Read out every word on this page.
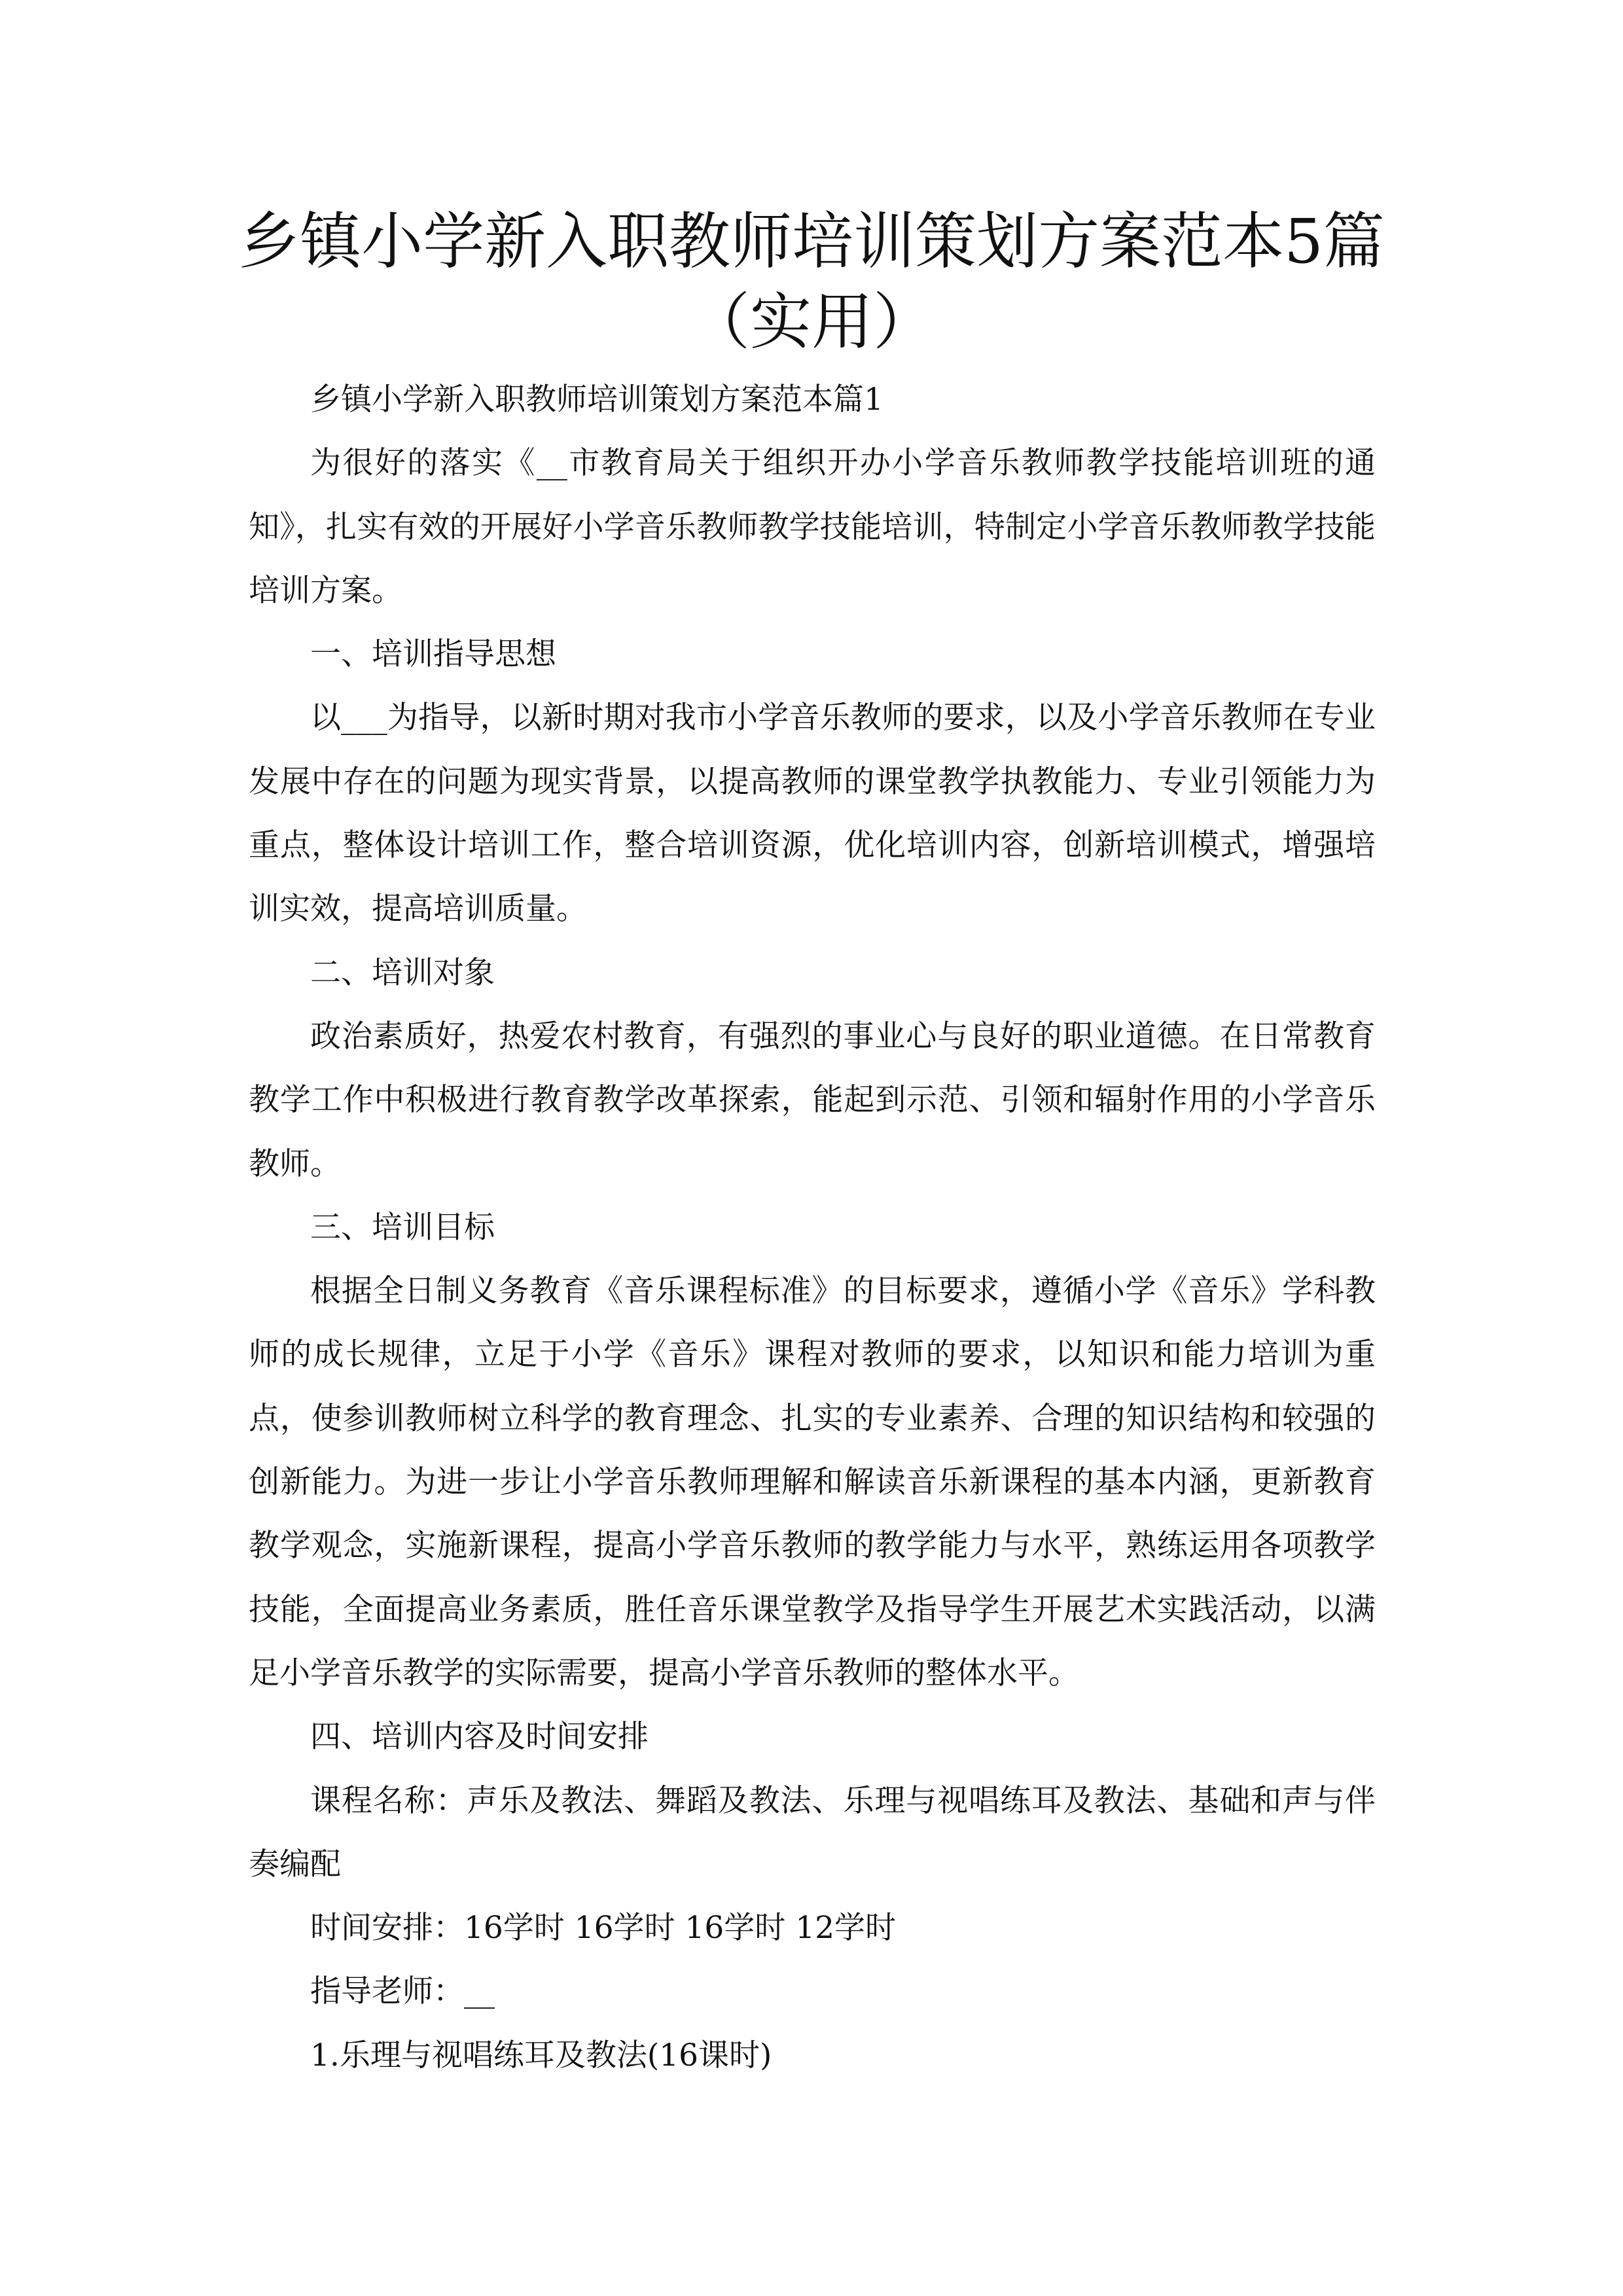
乡镇小学新入职教师培训策划方案范本5篇（实用）

乡镇小学新入职教师培训策划方案范本篇1

为很好的落实《__市教育局关于组织开办小学音乐教师教学技能培训班的通知》，扎实有效的开展好小学音乐教师教学技能培训，特制定小学音乐教师教学技能培训方案。

一、培训指导思想

以___为指导，以新时期对我市小学音乐教师的要求，以及小学音乐教师在专业发展中存在的问题为现实背景，以提高教师的课堂教学执教能力、专业引领能力为重点，整体设计培训工作，整合培训资源，优化培训内容，创新培训模式，增强培训实效，提高培训质量。

二、培训对象

政治素质好，热爱农村教育，有强烈的事业心与良好的职业道德。在日常教育教学工作中积极进行教育教学改革探索，能起到示范、引领和辐射作用的小学音乐教师。

三、培训目标

根据全日制义务教育《音乐课程标准》的目标要求，遵循小学《音乐》学科教师的成长规律，立足于小学《音乐》课程对教师的要求，以知识和能力培训为重点，使参训教师树立科学的教育理念、扎实的专业素养、合理的知识结构和较强的创新能力。为进一步让小学音乐教师理解和解读音乐新课程的基本内涵，更新教育教学观念，实施新课程，提高小学音乐教师的教学能力与水平，熟练运用各项教学技能，全面提高业务素质，胜任音乐课堂教学及指导学生开展艺术实践活动，以满足小学音乐教学的实际需要，提高小学音乐教师的整体水平。

四、培训内容及时间安排

课程名称：声乐及教法、舞蹈及教法、乐理与视唱练耳及教法、基础和声与伴奏编配

时间安排：16学时 16学时 16学时 12学时

指导老师：__

1.乐理与视唱练耳及教法(16课时)
